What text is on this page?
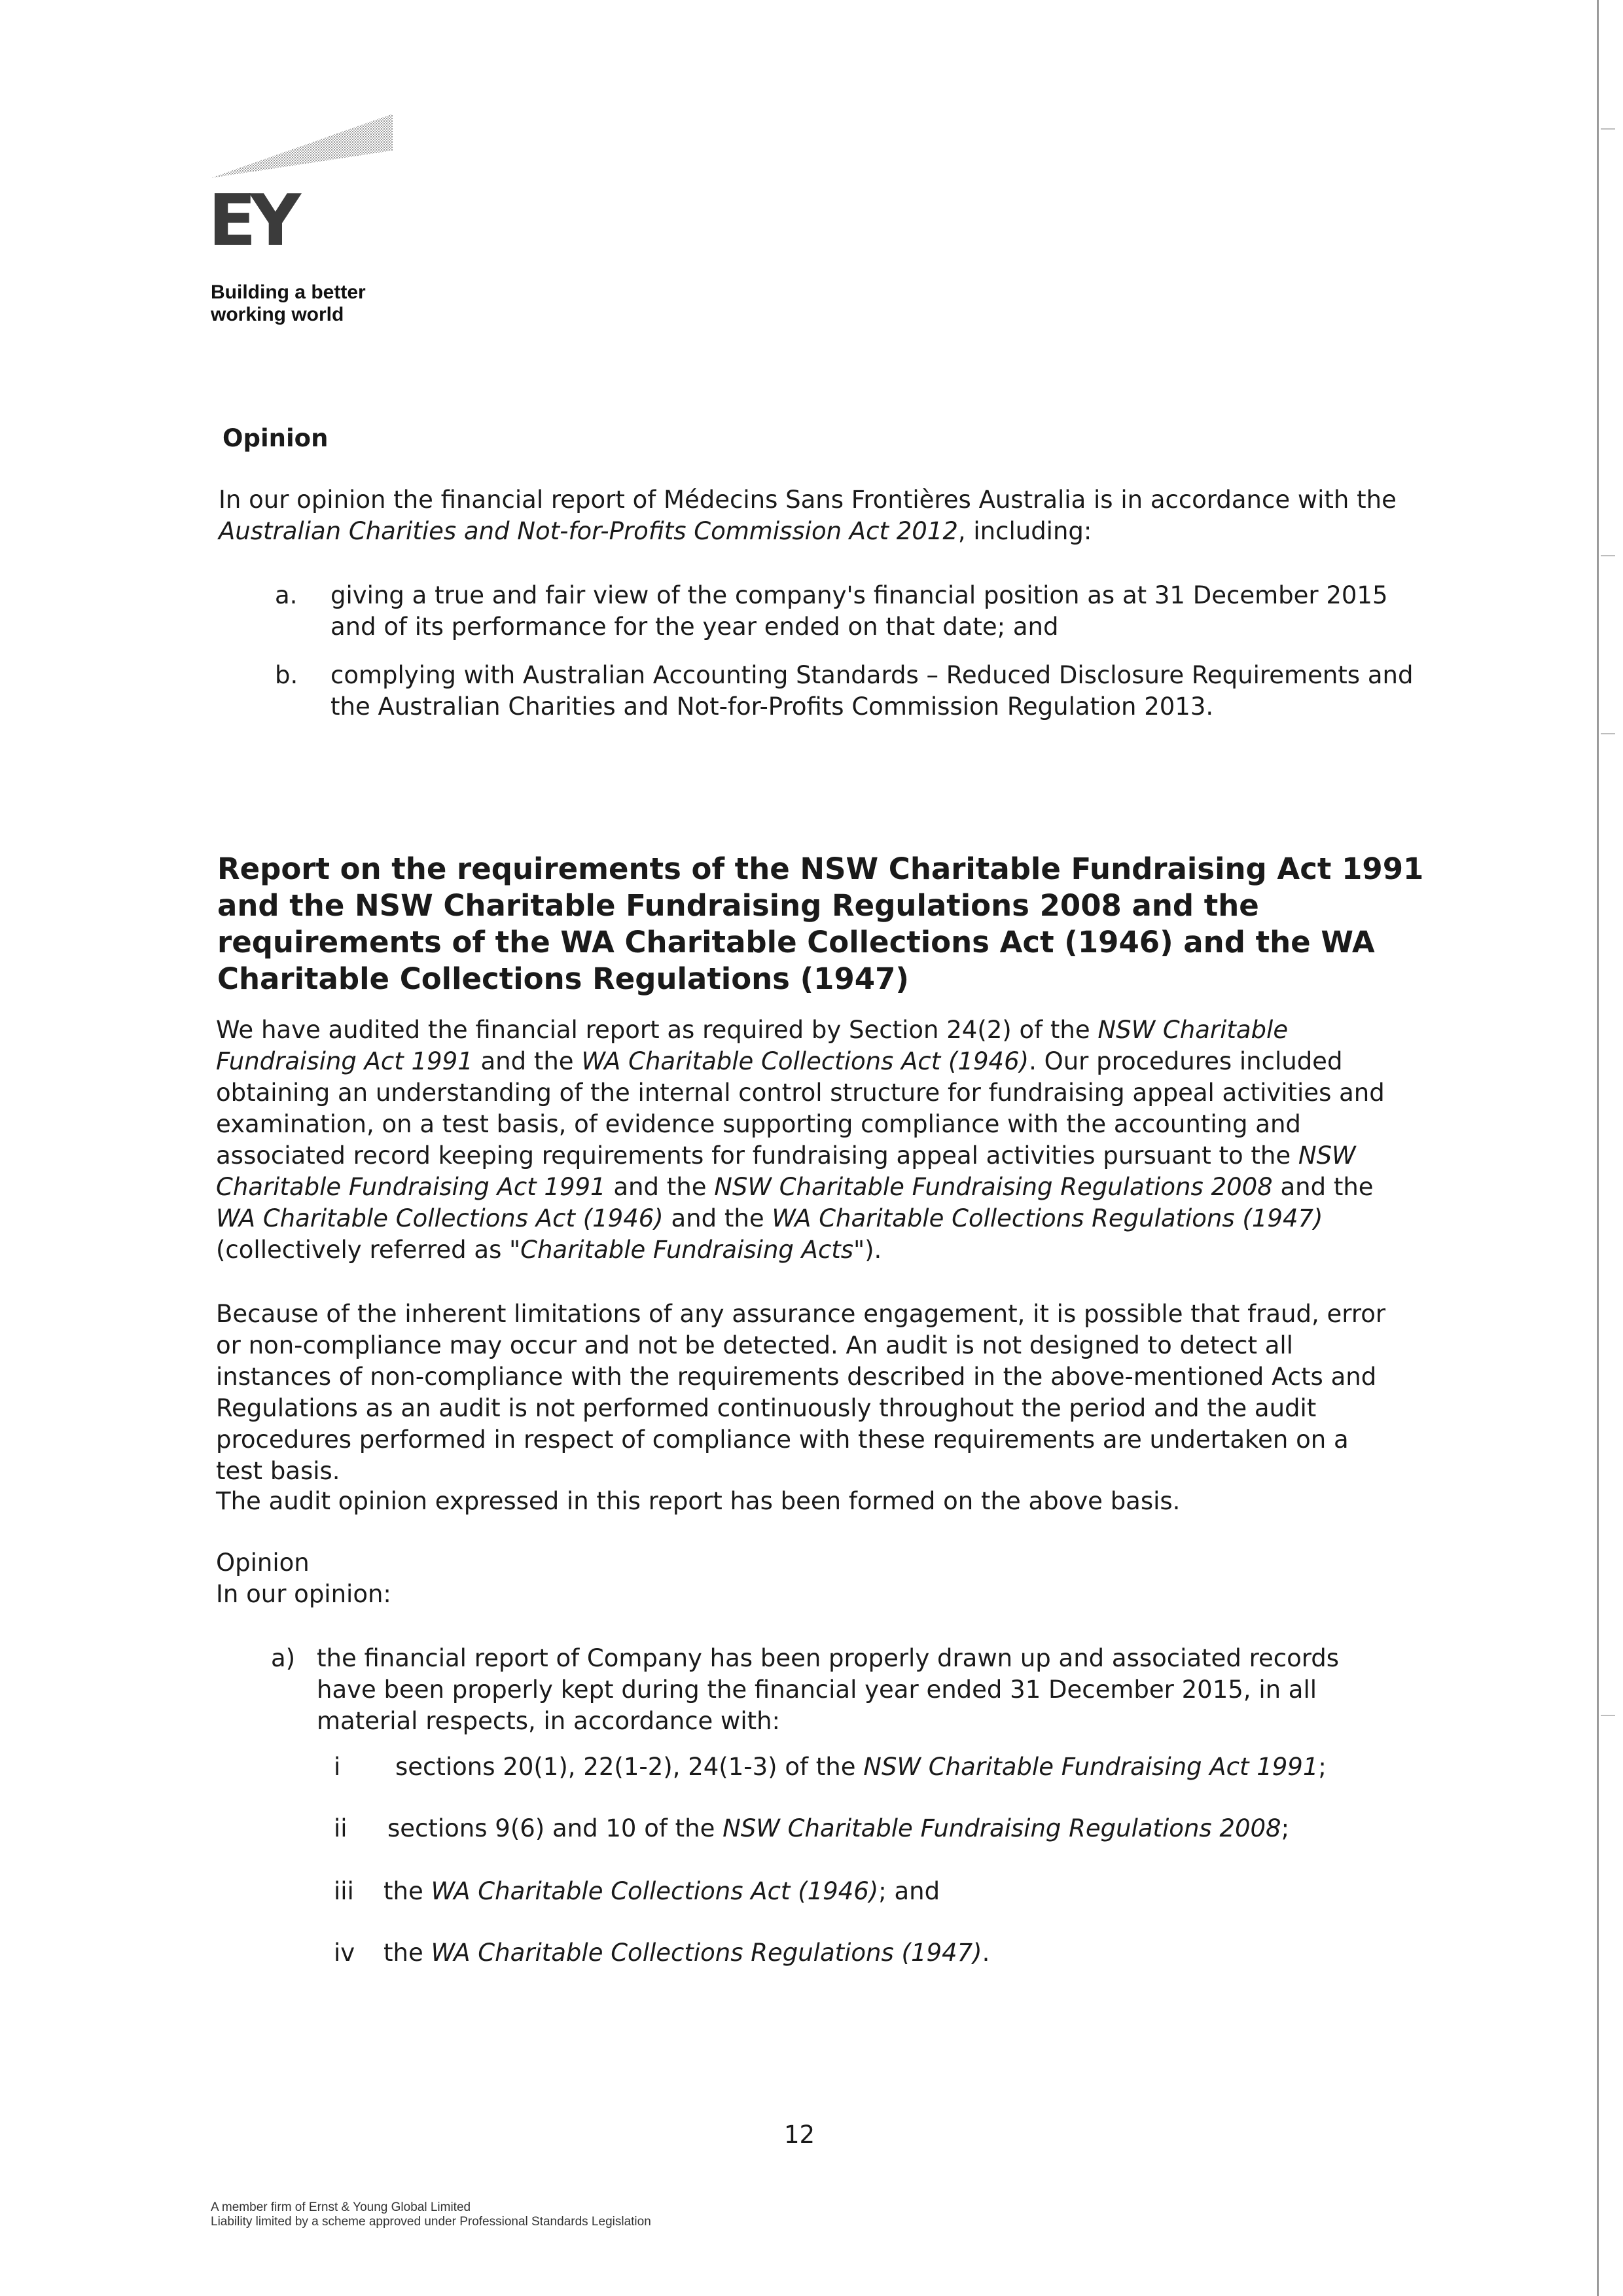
EY
Building a better
working world
Opinion
In our opinion the financial report of Médecins Sans Frontières Australia is in accordance with the Australian Charities and Not-for-Profits Commission Act 2012, including:
a. giving a true and fair view of the company's financial position as at 31 December 2015
and of its performance for the year ended on that date; and
b. complying with Australian Accounting Standards – Reduced Disclosure Requirements and
the Australian Charities and Not-for-Profits Commission Regulation 2013.
Report on the requirements of the NSW Charitable Fundraising Act 1991 and the NSW Charitable Fundraising Regulations 2008 and the requirements of the WA Charitable Collections Act (1946) and the WA Charitable Collections Regulations (1947)
We have audited the financial report as required by Section 24(2) of the NSW Charitable Fundraising Act 1991 and the WA Charitable Collections Act (1946). Our procedures included obtaining an understanding of the internal control structure for fundraising appeal activities and examination, on a test basis, of evidence supporting compliance with the accounting and associated record keeping requirements for fundraising appeal activities pursuant to the NSW Charitable Fundraising Act 1991 and the NSW Charitable Fundraising Regulations 2008 and the WA Charitable Collections Act (1946) and the WA Charitable Collections Regulations (1947)(collectively referred as "Charitable Fundraising Acts").
Because of the inherent limitations of any assurance engagement, it is possible that fraud, error or non-compliance may occur and not be detected. An audit is not designed to detect all instances of non-compliance with the requirements described in the above-mentioned Acts and Regulations as an audit is not performed continuously throughout the period and the audit procedures performed in respect of compliance with these requirements are undertaken on a test basis.
The audit opinion expressed in this report has been formed on the above basis.
Opinion
In our opinion:
a) the financial report of Company has been properly drawn up and associated records have been properly kept during the financial year ended 31 December 2015, in all material respects, in accordance with:
i sections 20(1), 22(1-2), 24(1-3) of the NSW Charitable Fundraising Act 1991;
ii sections 9(6) and 10 of the NSW Charitable Fundraising Regulations 2008;
iii the WA Charitable Collections Act (1946); and
iv the WA Charitable Collections Regulations (1947).
12
A member firm of Ernst & Young Global Limited
Liability limited by a scheme approved under Professional Standards Legislation
